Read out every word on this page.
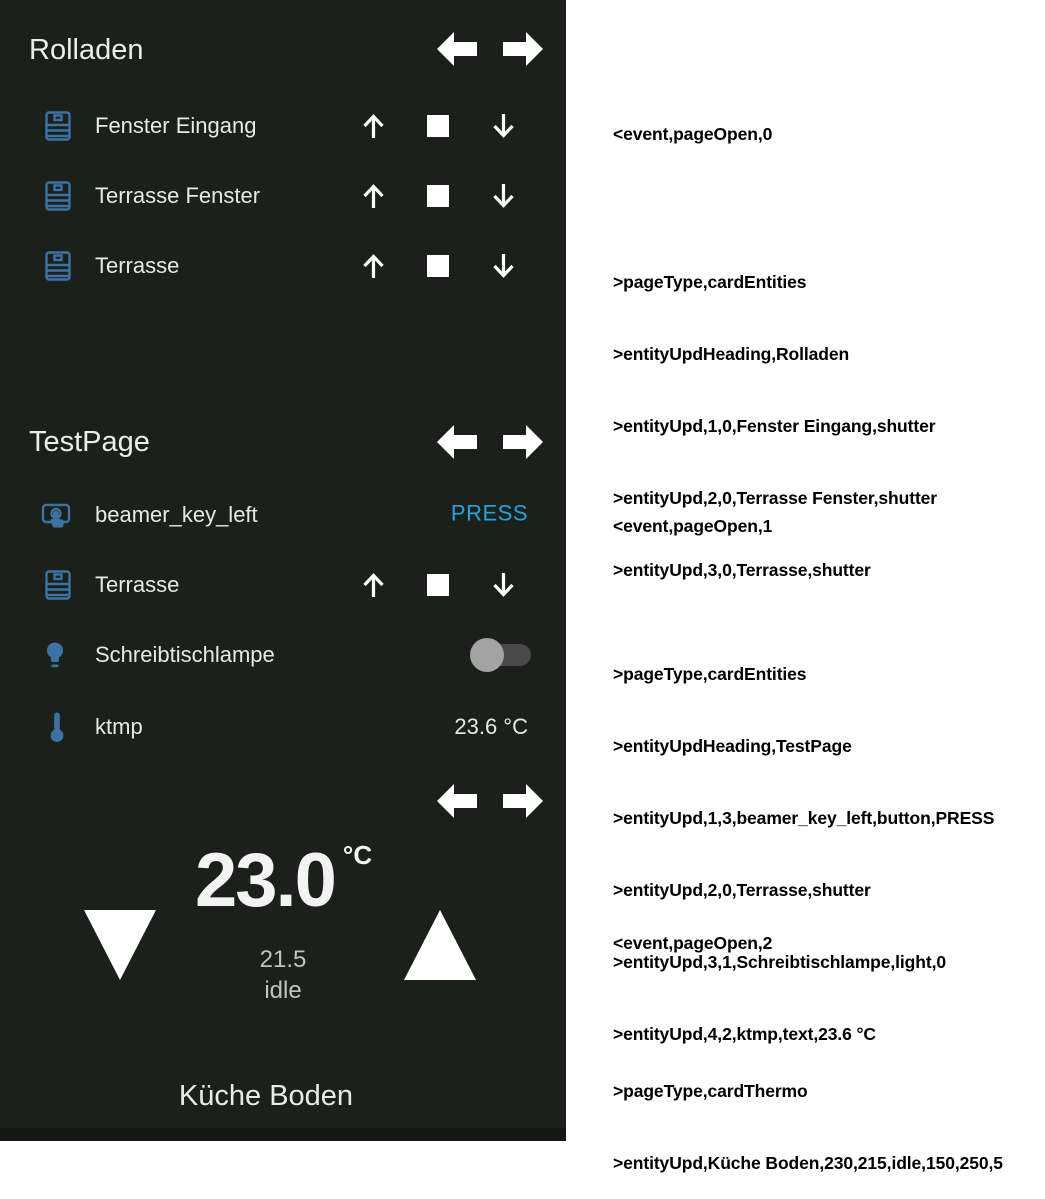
Rolladen
Fenster Eingang
Terrasse Fenster
Terrasse
TestPage
beamer_key_left	PRESS
Terrasse
Schreibtischlampe
ktmp	23.6 °C
23.0 $^{^\circ C}$
21.5
idle
Küche Boden

<event,pageOpen,0

>pageType,cardEntities

>entityUpdHeading,Rolladen

>entityUpd,1,0,Fenster Eingang,shutter

>entityUpd,2,0,Terrasse Fenster,shutter

>entityUpd,3,0,Terrasse,shutter

<event,pageOpen,1

>pageType,cardEntities

>entityUpdHeading,TestPage

>entityUpd,1,3,beamer_key_left,button,PRESS

>entityUpd,2,0,Terrasse,shutter

>entityUpd,3,1,Schreibtischlampe,light,0

>entityUpd,4,2,ktmp,text,23.6 °C

<event,pageOpen,2

>pageType,cardThermo

>entityUpd,Küche Boden,230,215,idle,150,250,5
